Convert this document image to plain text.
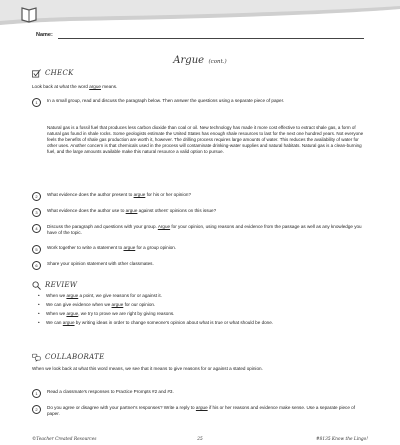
Name:
Argue (cont.)
CHECK
Look back at what the word argue means.
1	In a small group, read and discuss the paragraph below. Then answer the questions using a separate piece of paper.
Natural gas is a fossil fuel that produces less carbon dioxide than coal or oil. New technology has made it more cost effective to extract shale gas, a form of natural gas found in shale rocks. Some geologists estimate the United States has enough shale resources to last for the next one hundred years. Not everyone feels the benefits of shale gas production are worth it, however. The drilling process requires large amounts of water. This reduces the availability of water for other uses. Another concern is that chemicals used in the process will contaminate drinking-water supplies and natural habitats. Natural gas is a clean-burning fuel, and the large amounts available make this natural resource a valid option to pursue.
2	What evidence does the author present to argue for his or her opinion?
3	What evidence does the author use to argue against others' opinions on this issue?
4	Discuss the paragraph and questions with your group. Argue for your opinion, using reasons and evidence from the passage as well as any knowledge you have of the topic.
5	Work together to write a statement to argue for a group opinion.
6	Share your opinion statement with other classmates.
REVIEW
• When we argue a point, we give reasons for or against it.
• We can give evidence when we argue for our opinion.
• When we argue, we try to prove we are right by giving reasons.
• We can argue by writing ideas in order to change someone's opinion about what is true or what should be done.
COLLABORATE
When we look back at what this word means, we see that it means to give reasons for or against a stated opinion.
1	Read a classmate's responses to Practice Prompts #2 and #3.
2	Do you agree or disagree with your partner's responses? Write a reply to argue if his or her reasons and evidence make sense. Use a separate piece of paper.
©Teacher Created Resources	25	#8135 Know the Lingo!
